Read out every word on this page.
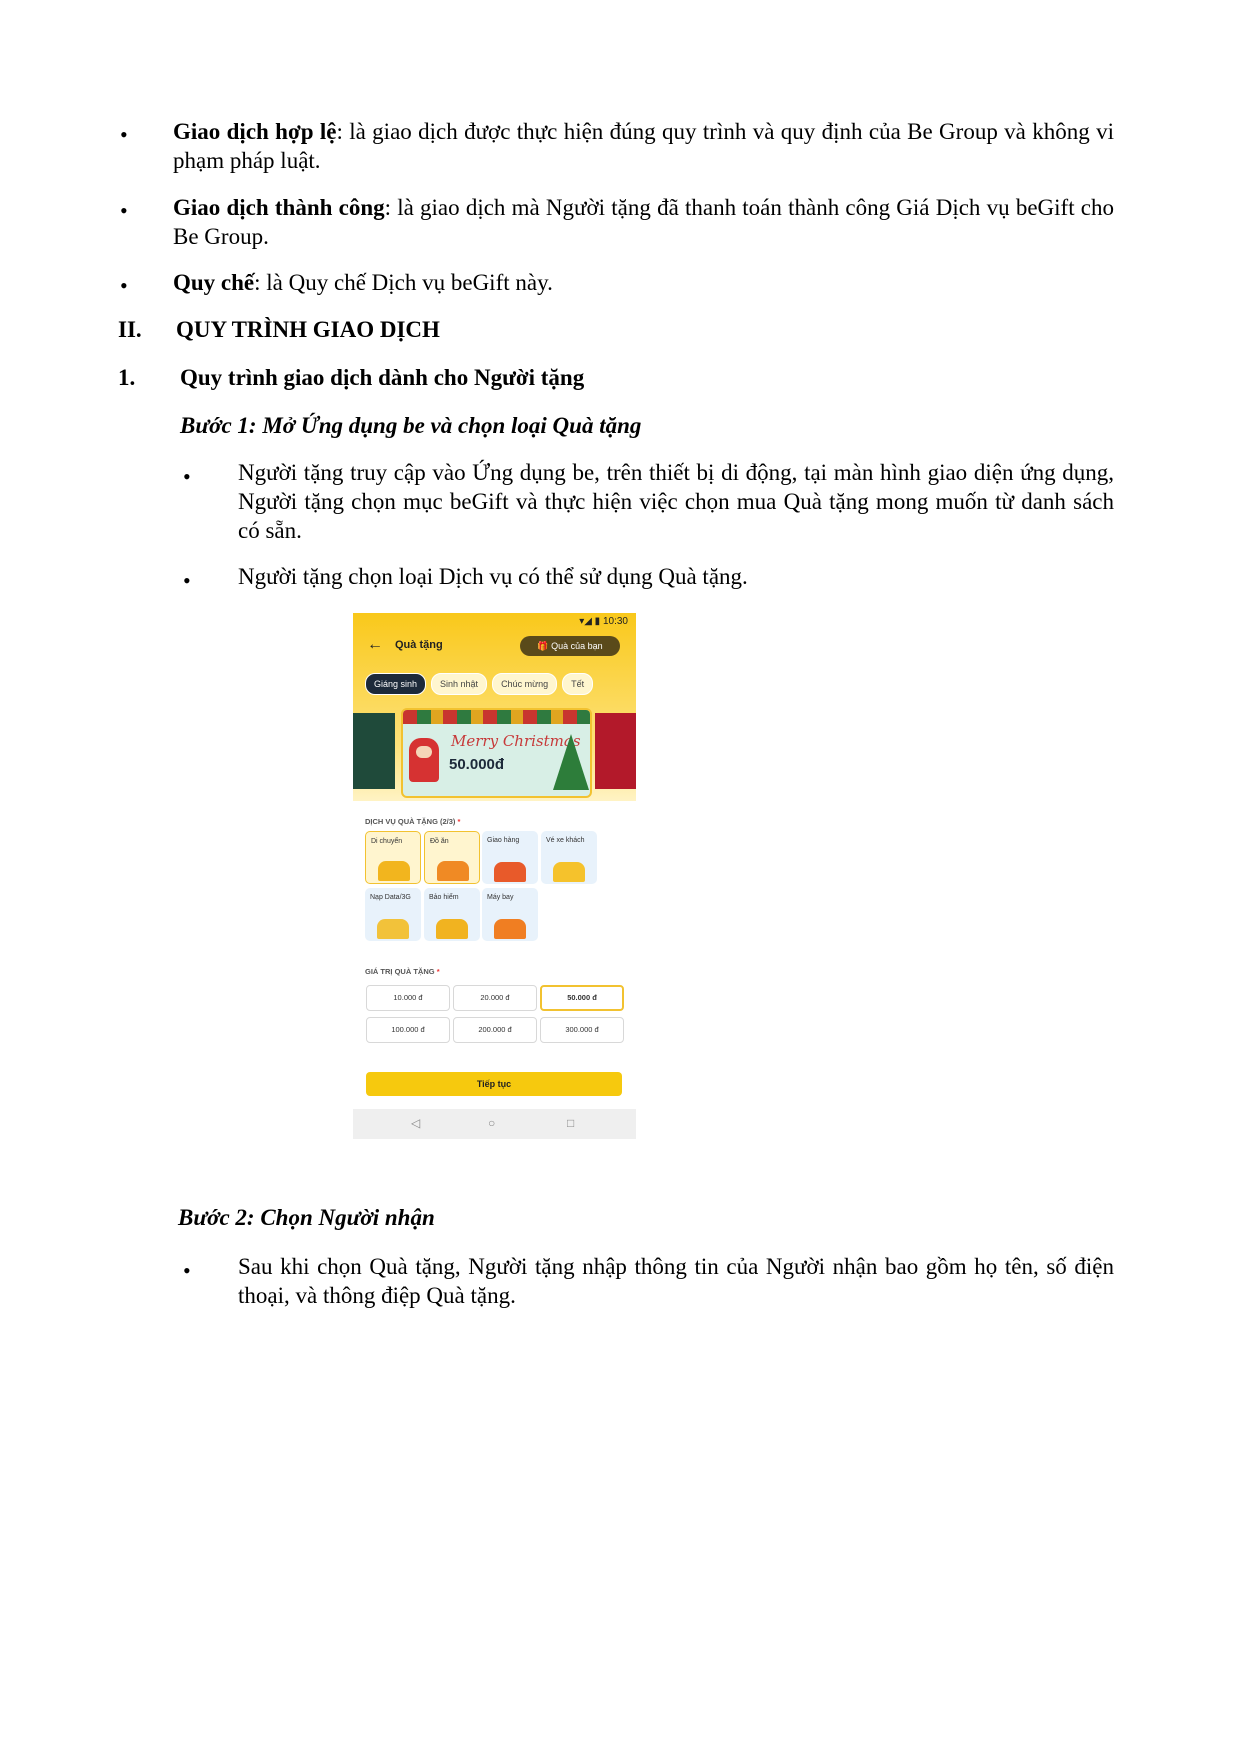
• Giao dịch hợp lệ: là giao dịch được thực hiện đúng quy trình và quy định của Be Group và không vi phạm pháp luật.
• Giao dịch thành công: là giao dịch mà Người tặng đã thanh toán thành công Giá Dịch vụ beGift cho Be Group.
• Quy chế: là Quy chế Dịch vụ beGift này.
II. QUY TRÌNH GIAO DỊCH
1. Quy trình giao dịch dành cho Người tặng
Bước 1: Mở Ứng dụng be và chọn loại Quà tặng
• Người tặng truy cập vào Ứng dụng be, trên thiết bị di động, tại màn hình giao diện ứng dụng, Người tặng chọn mục beGift và thực hiện việc chọn mua Quà tặng mong muốn từ danh sách có sẵn.
• Người tặng chọn loại Dịch vụ có thể sử dụng Quà tặng.
▾◢ ▮ 10:30
← Quà tặng	🎁 Quà của bạn
Giáng sinh	Sinh nhật	Chúc mừng	Tết
Merry Christmas
50.000đ
DỊCH VỤ QUÀ TẶNG (2/3) *
Di chuyển	Đồ ăn	Giao hàng	Vé xe khách
Nạp Data/3G	Bảo hiểm	Máy bay
GIÁ TRỊ QUÀ TẶNG *
10.000 đ	20.000 đ	50.000 đ
100.000 đ	200.000 đ	300.000 đ
Tiếp tục
◁	○	□
Bước 2: Chọn Người nhận
• Sau khi chọn Quà tặng, Người tặng nhập thông tin của Người nhận bao gồm họ tên, số điện thoại, và thông điệp Quà tặng.
